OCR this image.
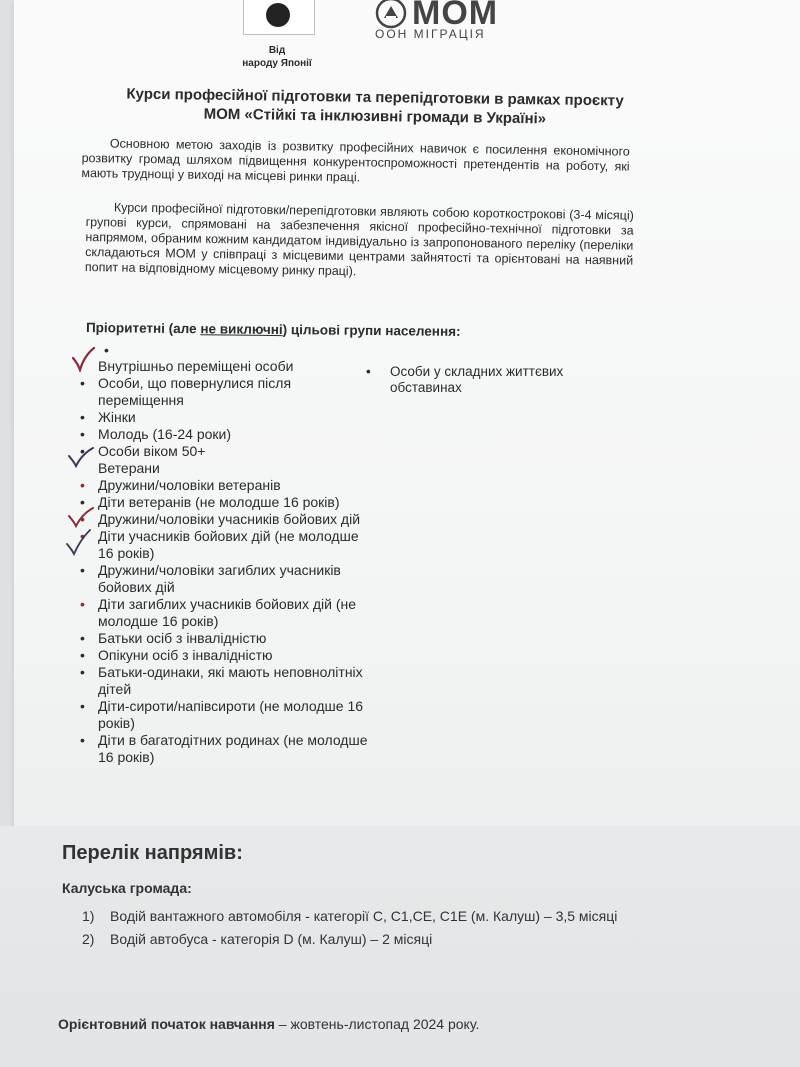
Від
народу Японії
МОМ
ООН МІГРАЦІЯ
Курси професійної підготовки та перепідготовки в рамках проєкту
МОМ «Стійкі та інклюзивні громади в Україні»
Основною метою заходів із розвитку професійних навичок є посилення економічного розвитку громад шляхом підвищення конкурентоспроможності претендентів на роботу, які мають труднощі у виході на місцеві ринки праці.
Курси професійної підготовки/перепідготовки являють собою короткострокові (3-4 місяці) групові курси, спрямовані на забезпечення якісної професійно-технічної підготовки за напрямом, обраним кожним кандидатом індивідуально із запропонованого переліку (переліки складаються МОМ у співпраці з місцевими центрами зайнятості та орієнтовані на наявний попит на відповідному місцевому ринку праці).
Пріоритетні (але не виключні) цільові групи населення:
•
Внутрішньо переміщені особи
• Особи, що повернулися після переміщення
• Жінки
• Молодь (16-24 роки)
• Особи віком 50+
Ветерани
• Дружини/чоловіки ветеранів
• Діти ветеранів (не молодше 16 років)
• Дружини/чоловіки учасників бойових дій
• Діти учасників бойових дій (не молодше 16 років)
• Дружини/чоловіки загиблих учасників бойових дій
• Діти загиблих учасників бойових дій (не молодше 16 років)
• Батьки осіб з інвалідністю
• Опікуни осіб з інвалідністю
• Батьки-одинаки, які мають неповнолітніх дітей
• Діти-сироти/напівсироти (не молодше 16 років)
• Діти в багатодітних родинах (не молодше 16 років)
•	Особи у складних життєвих обставинах
Перелік напрямів:
Калуська громада:
1) Водій вантажного автомобіля - категорії С, С1,СЕ, С1Е (м. Калуш) – 3,5 місяці
2) Водій автобуса - категорія D (м. Калуш) – 2 місяці
Орієнтовний початок навчання – жовтень-листопад 2024 року.
